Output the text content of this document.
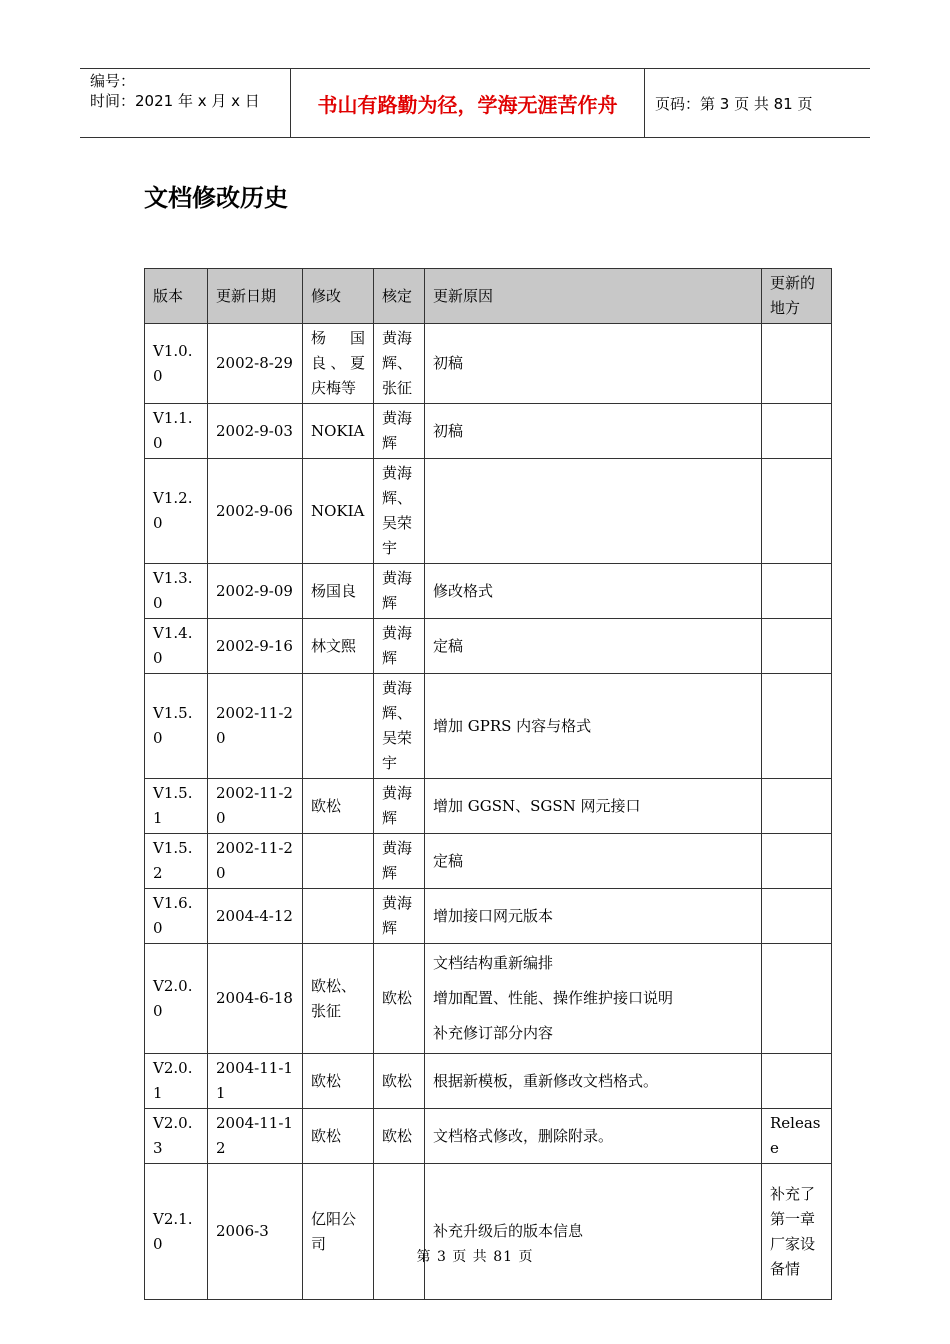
编号：
时间：2021 年 x 月 x 日	书山有路勤为径，学海无涯苦作舟	页码：第 3 页 共 81 页
文档修改历史
版本	更新日期	修改	核定	更新原因	更新的地方
V1.0.0	2002-8-29	杨国良、夏庆梅等	黄海辉、张征	初稿	
V1.1.0	2002-9-03	NOKIA	黄海辉	初稿	
V1.2.0	2002-9-06	NOKIA	黄海辉、吴荣宇		
V1.3.0	2002-9-09	杨国良	黄海辉	修改格式	
V1.4.0	2002-9-16	林文熙	黄海辉	定稿	
V1.5.0	2002-11-20		黄海辉、吴荣宇	增加 GPRS 内容与格式	
V1.5.1	2002-11-20	欧松	黄海辉	增加 GGSN、SGSN 网元接口	
V1.5.2	2002-11-20		黄海辉	定稿	
V1.6.0	2004-4-12		黄海辉	增加接口网元版本	
V2.0.0	2004-6-18	欧松、张征	欧松	文档结构重新编排
增加配置、性能、操作维护接口说明
补充修订部分内容	

V2.0.1	2004-11-11	欧松	欧松	根据新模板，重新修改文档格式。	
V2.0.3	2004-11-12	欧松	欧松	文档格式修改，删除附录。	Release
V2.1.0	2006-3	亿阳公司		补充升级后的版本信息	补充了第一章厂家设备情
第 3 页 共 81 页
